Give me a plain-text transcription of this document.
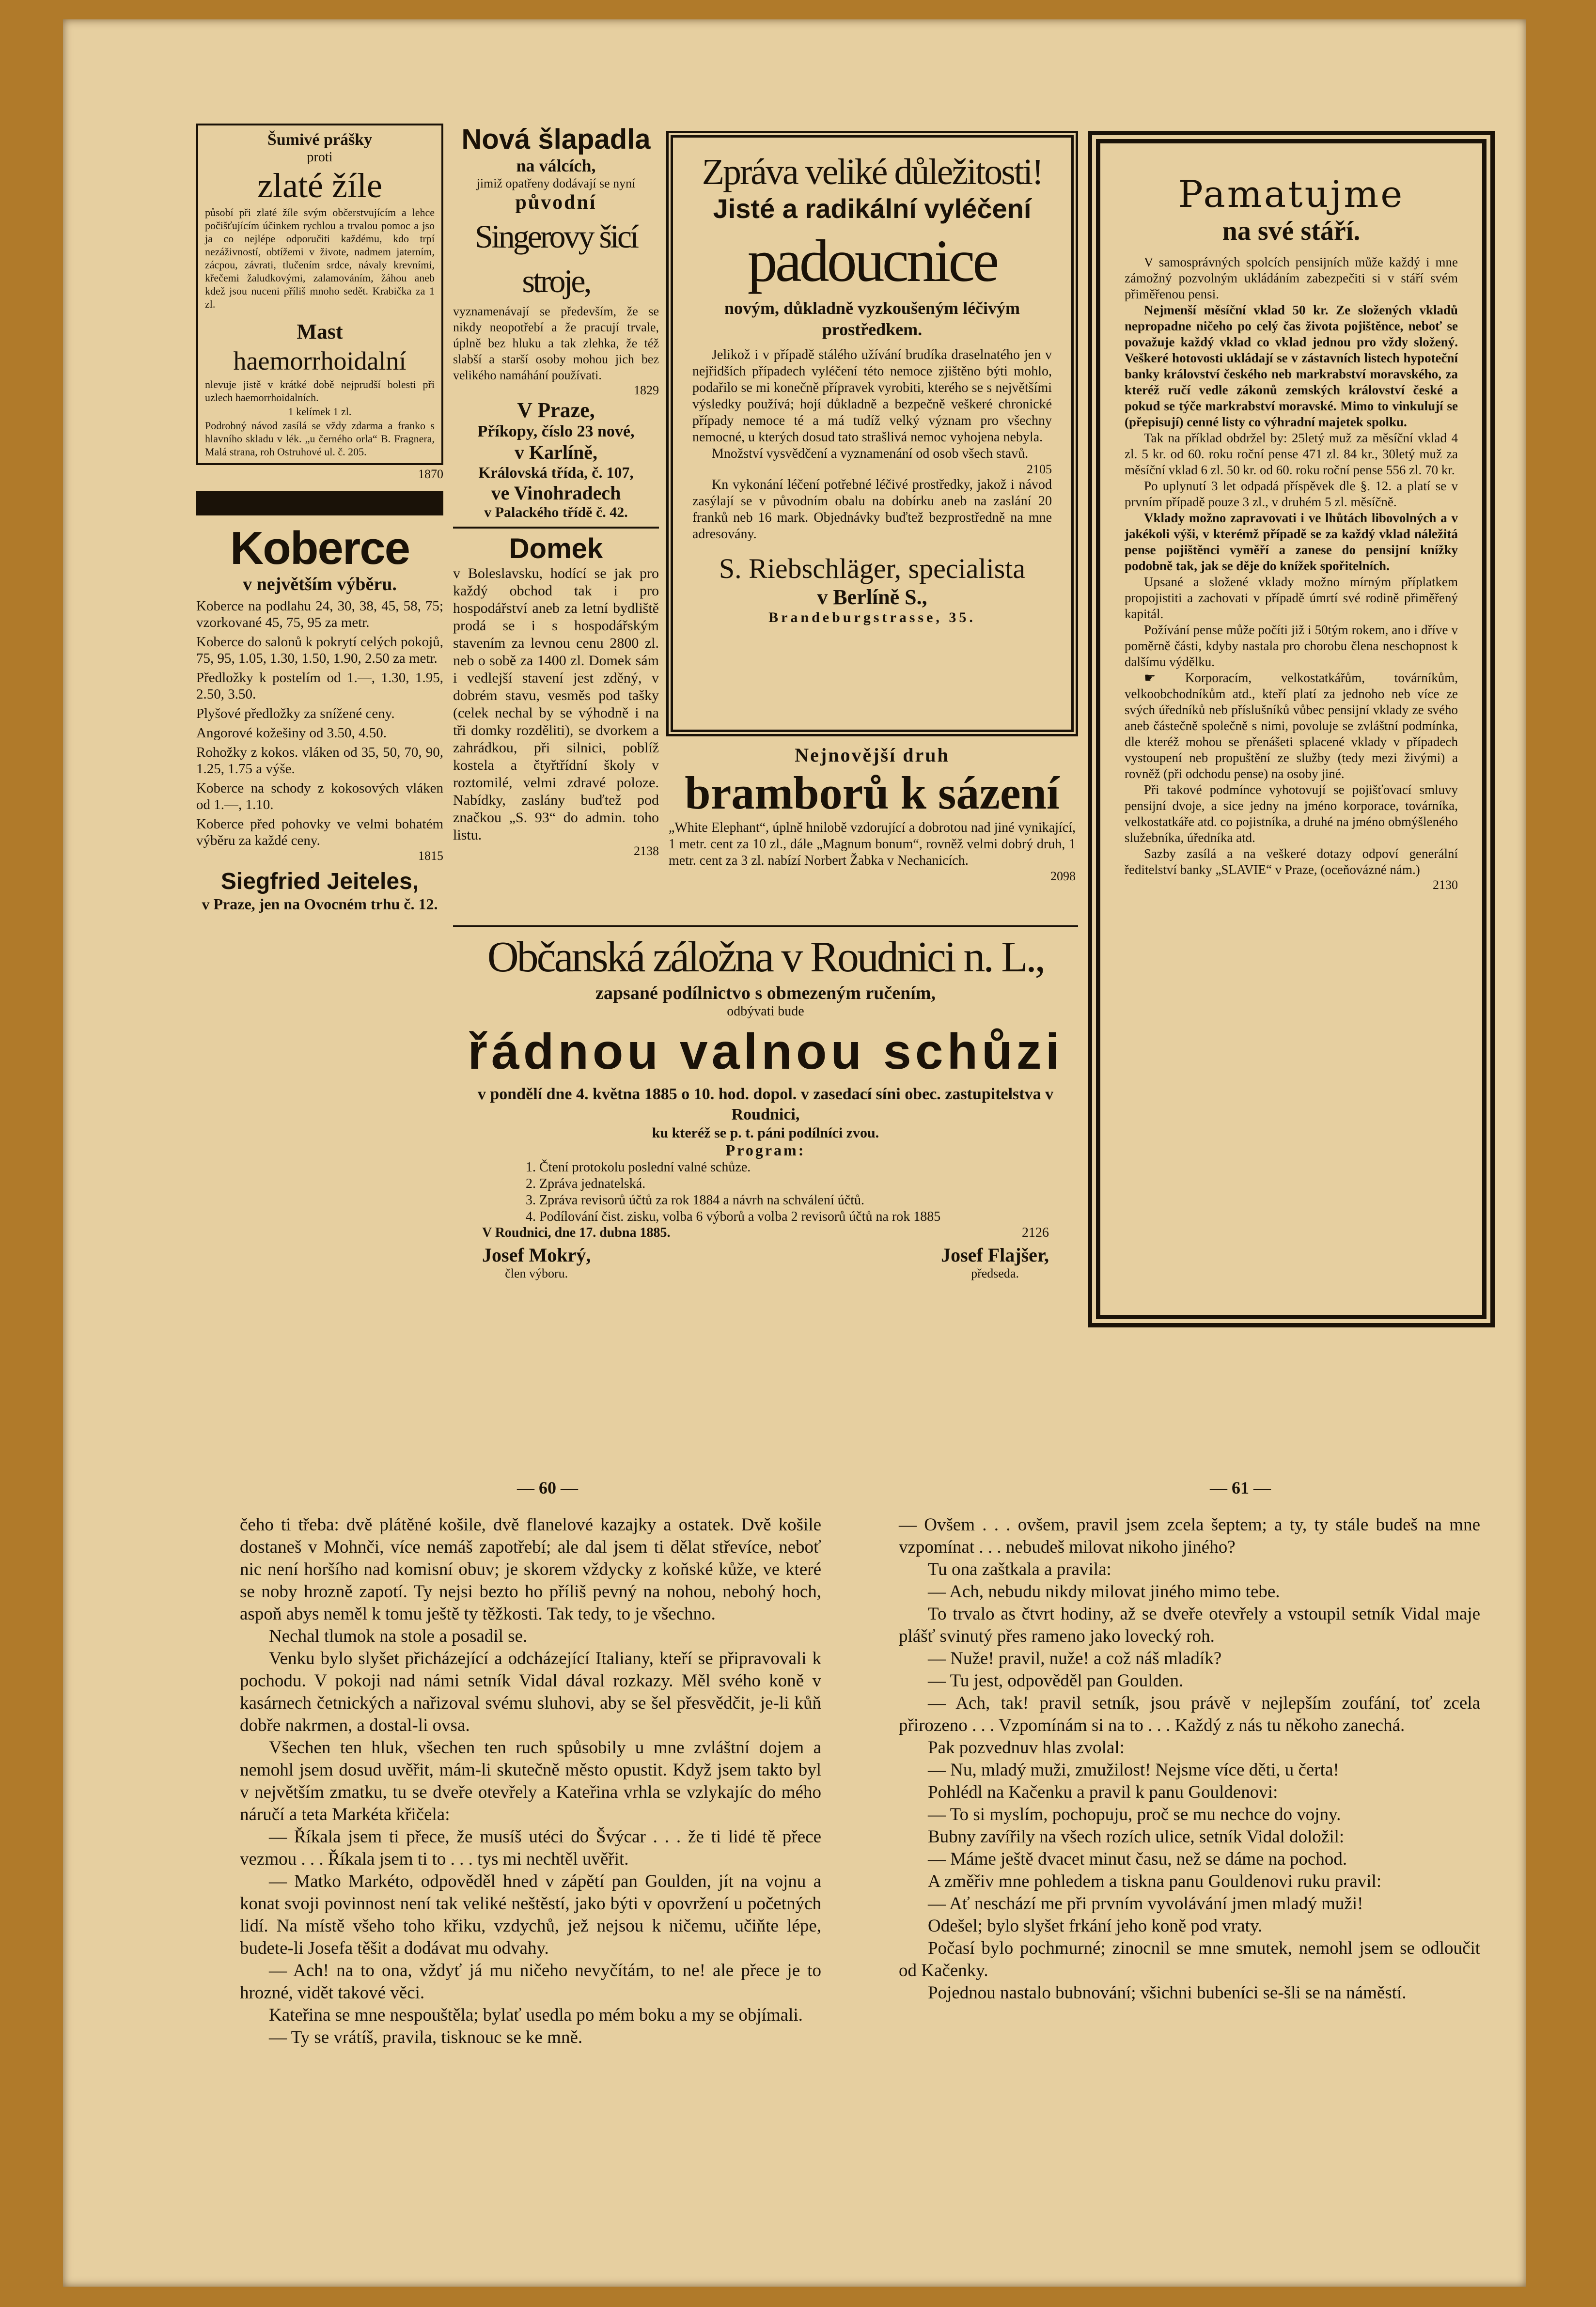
Šumivé prášky
proti
zlaté žíle
působí při zlaté žíle svým občerstvujícím a lehce počišťujícím účinkem rychlou a trvalou pomoc a jso ja co nejlépe odporučiti každému, kdo trpí nezáživností, obtížemi v živote, nadmem jaterním, zácpou, závrati, tlučením srdce, návaly krevními, křečemi žaludkovými, zalamováním, žáhou aneb kdež jsou nuceni příliš mnoho sedět. Krabička za 1 zl.
Mast
haemorrhoidalní
nlevuje jistě v krátké době nejprudší bolesti při uzlech haemorrhoidalních.
1 kelímek 1 zl.
Podrobný návod zasílá se vždy zdarma a franko s hlavního skladu v lék. „u černého orla“ B. Fragnera, Malá strana, roh Ostruhové ul. č. 205.
1870
Koberce
v největším výběru.
Koberce na podlahu 24, 30, 38, 45, 58, 75; vzorkované 45, 75, 95 za metr.
Koberce do salonů k pokrytí celých pokojů, 75, 95, 1.05, 1.30, 1.50, 1.90, 2.50 za metr.
Předložky k postelím od 1.—, 1.30, 1.95, 2.50, 3.50.
Plyšové předložky za snížené ceny.
Angorové kožešiny od 3.50, 4.50.
Rohožky z kokos. vláken od 35, 50, 70, 90, 1.25, 1.75 a výše.
Koberce na schody z kokosových vláken od 1.—, 1.10.
Koberce před pohovky ve velmi bohatém výběru za každé ceny.
1815
Siegfried Jeiteles,
v Praze, jen na Ovocném trhu č. 12.
Nová šlapadla
na válcích,
jimiž opatřeny dodávají se nyní
původní
Singerovy šicí stroje,
vyznamenávají se především, že se nikdy neopotřebí a že pracují trvale, úplně bez hluku a tak zlehka, že též slabší a starší osoby mohou jich bez velikého namáhání používati.
1829
V Praze,
Příkopy, číslo 23 nové,
v Karlíně,
Královská třída, č. 107,
ve Vinohradech
v Palackého třídě č. 42.
Domek
v Boleslavsku, hodící se jak pro každý obchod tak i pro hospodářství aneb za letní bydliště prodá se i s hospodářským stavením za levnou cenu 2800 zl. neb o sobě za 1400 zl. Domek sám i vedlejší stavení jest zděný, v dobrém stavu, vesměs pod tašky (celek nechal by se výhodně i na tři domky rozděliti), se dvorkem a zahrádkou, při silnici, poblíž kostela a čtyřtřídní školy v roztomilé, velmi zdravé poloze. Nabídky, zaslány buďtež pod značkou „S. 93“ do admin. toho listu.
2138
Zpráva veliké důležitosti!
Jisté a radikální vyléčení
padoucnice
novým, důkladně vyzkoušeným léčivým prostředkem.
Jelikož i v případě stálého užívání brudíka draselnatého jen v nejřidších případech vyléčení této nemoce zjištěno býti mohlo, podařilo se mi konečně přípravek vyrobiti, kterého se s největšími výsledky používá; hojí důkladně a bezpečně veškeré chronické případy nemoce té a má tudíž velký význam pro všechny nemocné, u kterých dosud tato strašlivá nemoc vyhojena nebyla.
Množství vysvědčení a vyznamenání od osob všech stavů.
2105
Kn vykonání léčení potřebné léčivé prostředky, jakož i návod zasýlají se v původním obalu na dobírku aneb na zaslání 20 franků neb 16 mark. Objednávky buďtež bezprostředně na mne adresovány.
S. Riebschläger, specialista
v Berlíně S.,
Brandeburgstrasse, 35.
Nejnovější druh
bramborů k sázení
„White Elephant“, úplně hnilobě vzdorující a dobrotou nad jiné vynikající, 1 metr. cent za 10 zl., dále „Magnum bonum“, rovněž velmi dobrý druh, 1 metr. cent za 3 zl. nabízí Norbert Žabka v Nechanicích.
2098
Občanská záložna v Roudnici n. L.,
zapsané podílnictvo s obmezeným ručením,
odbývati bude
řádnou valnou schůzi
v pondělí dne 4. května 1885 o 10. hod. dopol. v zasedací síni obec. zastupitelstva v Roudnici,
ku kteréž se p. t. páni podílníci zvou.
Program:
1. Čtení protokolu poslední valné schůze.
2. Zpráva jednatelská.
3. Zpráva revisorů účtů za rok 1884 a návrh na schválení účtů.
4. Podílování čist. zisku, volba 6 výborů a volba 2 revisorů účtů na rok 1885
V Roudnici, dne 17. dubna 1885.	2126
Josef Mokrý,
člen výboru.
Josef Flajšer,
předseda.
Pamatujme
na své stáří.
V samosprávných spolcích pensijních může každý i mne zámožný pozvolným ukládáním zabezpečiti si v stáří svém přiměřenou pensi.
Nejmenší měsíční vklad 50 kr. Ze složených vkladů nepropadne ničeho po celý čas života pojištěnce, neboť se považuje každý vklad co vklad jednou pro vždy složený. Veškeré hotovosti ukládají se v zástavních listech hypoteční banky království českého neb markrabství moravského, za kteréž ručí vedle zákonů zemských království české a pokud se týče markrabství moravské. Mimo to vinkulují se (přepisují) cenné listy co výhradní majetek spolku.
Tak na příklad obdržel by: 25letý muž za měsíční vklad 4 zl. 5 kr. od 60. roku roční pense 471 zl. 84 kr., 30letý muž za měsíční vklad 6 zl. 50 kr. od 60. roku roční pense 556 zl. 70 kr.
Po uplynutí 3 let odpadá příspěvek dle §. 12. a platí se v prvním případě pouze 3 zl., v druhém 5 zl. měsíčně.
Vklady možno zapravovati i ve lhůtách libovolných a v jakékoli výši, v kterémž případě se za každý vklad náležitá pense pojištěnci vyměří a zanese do pensijní knížky podobně tak, jak se děje do knížek spořitelních.
Upsané a složené vklady možno mírným příplatkem propojistiti a zachovati v případě úmrtí své rodině přiměřený kapitál.
Požívání pense může počíti již i 50tým rokem, ano i dříve v poměrně části, kdyby nastala pro chorobu člena neschopnost k dalšímu výdělku.
☛ Korporacím, velkostatkářům, továrníkům, velkoobchodníkům atd., kteří platí za jednoho neb více ze svých úředníků neb příslušníků vůbec pensijní vklady ze svého aneb částečně společně s nimi, povoluje se zvláštní podmínka, dle kteréž mohou se přenášeti splacené vklady v případech vystoupení neb propuštění ze služby (tedy mezi živými) a rovněž (při odchodu pense) na osoby jiné.
Při takové podmínce vyhotovují se pojišťovací smluvy pensijní dvoje, a sice jedny na jméno korporace, továrníka, velkostatkáře atd. co pojistníka, a druhé na jméno obmýšleného služebníka, úředníka atd.
Sazby zasílá a na veškeré dotazy odpoví generální ředitelství banky „SLAVIE“ v Praze, (oceňovázné nám.)
2130
— 60 —	— 61 —

čeho ti třeba: dvě plátěné košile, dvě flanelové kazajky a ostatek. Dvě košile dostaneš v Mohnči, více nemáš zapotřebí; ale dal jsem ti dělat střevíce, neboť nic není horšího nad komisní obuv; je skorem vždycky z koňské kůže, ve které se noby hrozně zapotí. Ty nejsi bezto ho příliš pevný na nohou, nebohý hoch, aspoň abys neměl k tomu ještě ty těžkosti. Tak tedy, to je všechno.

Nechal tlumok na stole a posadil se.

Venku bylo slyšet přicházející a odcházející Italiany, kteří se připravovali k pochodu. V pokoji nad námi setník Vidal dával rozkazy. Měl svého koně v kasárnech četnických a nařizoval svému sluhovi, aby se šel přesvědčit, je-li kůň dobře nakrmen, a dostal-li ovsa.

Všechen ten hluk, všechen ten ruch spůsobily u mne zvláštní dojem a nemohl jsem dosud uvěřit, mám-li skutečně město opustit. Když jsem takto byl v největším zmatku, tu se dveře otevřely a Kateřina vrhla se vzlykajíc do mého náručí a teta Markéta křičela:

— Říkala jsem ti přece, že musíš utéci do Švýcar . . . že ti lidé tě přece vezmou . . . Říkala jsem ti to . . . tys mi nechtěl uvěřit.

— Matko Markéto, odpověděl hned v zápětí pan Goulden, jít na vojnu a konat svoji povinnost není tak veliké neštěstí, jako býti v opovržení u početných lidí. Na místě všeho toho křiku, vzdychů, jež nejsou k ničemu, učiňte lépe, budete-li Josefa těšit a dodávat mu odvahy.

— Ach! na to ona, vždyť já mu ničeho nevyčítám, to ne! ale přece je to hrozné, vidět takové věci.

Kateřina se mne nespouštěla; bylať usedla po mém boku a my se objímali.

— Ty se vrátíš, pravila, tisknouc se ke mně.

— Ovšem . . . ovšem, pravil jsem zcela šeptem; a ty, ty stále budeš na mne vzpomínat . . . nebudeš milovat nikoho jiného?

Tu ona zaštkala a pravila:

— Ach, nebudu nikdy milovat jiného mimo tebe.

To trvalo as čtvrt hodiny, až se dveře otevřely a vstoupil setník Vidal maje plášť svinutý přes rameno jako lovecký roh.

— Nuže! pravil, nuže! a což náš mladík?

— Tu jest, odpověděl pan Goulden.

— Ach, tak! pravil setník, jsou právě v nejlepším zoufání, toť zcela přirozeno . . . Vzpomínám si na to . . . Každý z nás tu někoho zanechá.

Pak pozvednuv hlas zvolal:

— Nu, mladý muži, zmužilost! Nejsme více děti, u čerta!

Pohlédl na Kačenku a pravil k panu Gouldenovi:

— To si myslím, pochopuju, proč se mu nechce do vojny.

Bubny zavířily na všech rozích ulice, setník Vidal doložil:

— Máme ještě dvacet minut času, než se dáme na pochod.

A změřiv mne pohledem a tiskna panu Gouldenovi ruku pravil:

— Ať neschází me při prvním vyvolávání jmen mladý muži!

Odešel; bylo slyšet frkání jeho koně pod vraty.

Počasí bylo pochmurné; zinocnil se mne smutek, nemohl jsem se odloučit od Kačenky.

Pojednou nastalo bubnování; všichni bubeníci se-šli se na náměstí.
